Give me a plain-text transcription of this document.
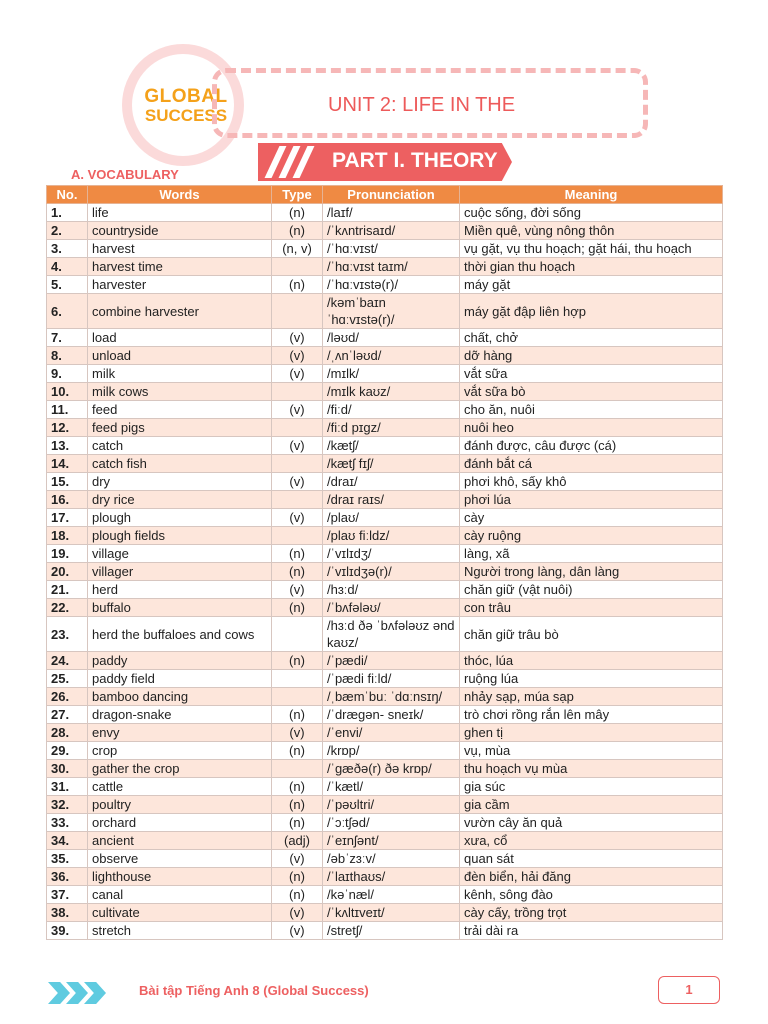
GLOBAL
SUCCESS	UNIT 2: LIFE IN THE
PART I. THEORY
A. VOCABULARY
No.	Words	Type	Pronunciation	Meaning
1.	life	(n)	/laɪf/	cuộc sống, đời sống
2.	countryside	(n)	/ˈkʌntrisaɪd/	Miền quê, vùng nông thôn
3.	harvest	(n, v)	/ˈhɑːvɪst/	vụ gặt, vụ thu hoạch; gặt hái, thu hoạch
4.	harvest time		/ˈhɑːvɪst taɪm/	thời gian thu hoạch
5.	harvester	(n)	/ˈhɑːvɪstə(r)/	máy gặt
6.	combine harvester		/kəmˈbaɪn ˈhɑːvɪstə(r)/	máy gặt đập liên hợp
7.	load	(v)	/ləʊd/	chất, chở
8.	unload	(v)	/ˌʌnˈləʊd/	dỡ hàng
9.	milk	(v)	/mɪlk/	vắt sữa
10.	milk cows		/mɪlk kaʊz/	vắt sữa bò
11.	feed	(v)	/fiːd/	cho ăn, nuôi
12.	feed pigs		/fiːd pɪgz/	nuôi heo
13.	catch	(v)	/kætʃ/	đánh được, câu được (cá)
14.	catch fish		/kætʃ fɪʃ/	đánh bắt cá
15.	dry	(v)	/draɪ/	phơi khô, sấy khô
16.	dry rice		/draɪ raɪs/	phơi lúa
17.	plough	(v)	/plaʊ/	cày
18.	plough fields		/plaʊ fiːldz/	cày ruộng
19.	village	(n)	/ˈvɪlɪdʒ/	làng, xã
20.	villager	(n)	/ˈvɪlɪdʒə(r)/	Người trong làng, dân làng
21.	herd	(v)	/hɜːd/	chăn giữ (vật nuôi)
22.	buffalo	(n)	/ˈbʌfələʊ/	con trâu
23.	herd the buffaloes and cows		/hɜːd ðə ˈbʌfələʊz ənd kaʊz/	chăn giữ trâu bò
24.	paddy	(n)	/ˈpædi/	thóc, lúa
25.	paddy field		/ˈpædi fiːld/	ruộng lúa
26.	bamboo dancing		/ˌbæmˈbuː ˈdɑːnsɪŋ/	nhảy sạp, múa sạp
27.	dragon-snake	(n)	/ˈdræɡən- sneɪk/	trò chơi rồng rắn lên mây
28.	envy	(v)	/ˈenvi/	ghen tị
29.	crop	(n)	/krɒp/	vụ, mùa
30.	gather the crop		/ˈɡæðə(r) ðə krɒp/	thu hoạch vụ mùa
31.	cattle	(n)	/ˈkætl/	gia súc
32.	poultry	(n)	/ˈpəʊltri/	gia cầm
33.	orchard	(n)	/ˈɔːtʃəd/	vườn cây ăn quả
34.	ancient	(adj)	/ˈeɪnʃənt/	xưa, cổ
35.	observe	(v)	/əbˈzɜːv/	quan sát
36.	lighthouse	(n)	/ˈlaɪthaʊs/	đèn biển, hải đăng
37.	canal	(n)	/kəˈnæl/	kênh, sông đào
38.	cultivate	(v)	/ˈkʌltɪveɪt/	cày cấy, trồng trọt
39.	stretch	(v)	/stretʃ/	trải dài ra
Bài tập Tiếng Anh 8 (Global Success)	1
